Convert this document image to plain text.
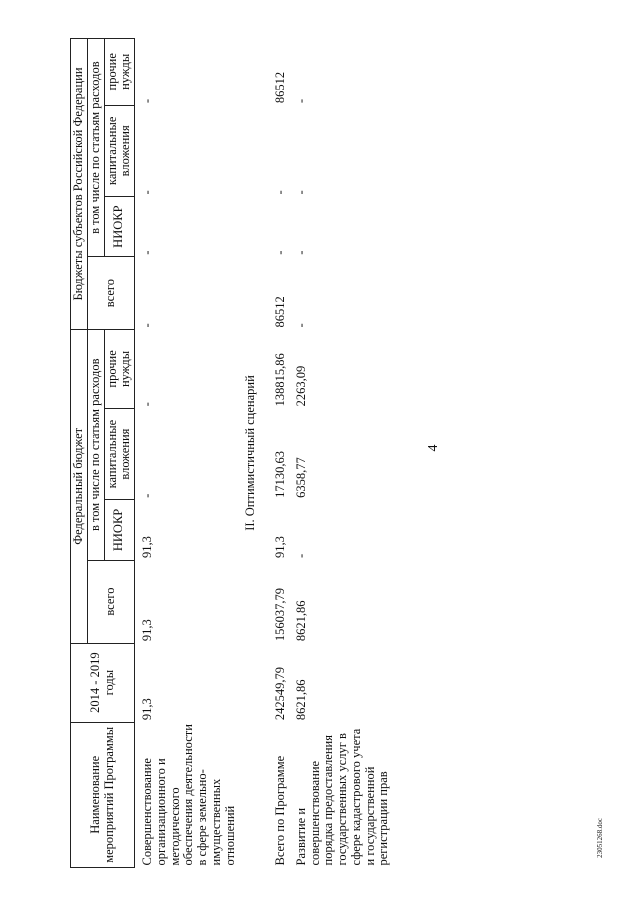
4
Наименование мероприятий Программы	2014 - 2019 годы	Федеральный бюджет				Бюджеты субъектов Российской Федерации			
		всего	в том числе по статьям расходов			всего	в том числе по статьям расходов		
			НИОКР	капитальные вложения	прочие нужды		НИОКР	капитальные вложения	прочие нужды
Совершенствование организационного и методического обеспечения деятельности в сфере земельно-имущественных отношений	91,3	91,3	91,3	-	-	-	-	-	-
II. Оптимистичный сценарий									
Всего по Программе	242549,79	156037,79	91,3	17130,63	138815,86	86512	-	-	86512
Развитие и совершенствование порядка предоставления государственных услуг в сфере кадастрового учета и государственной регистрации прав	8621,86	8621,86	-	6358,77	2263,09	-	-	-	-
23051268.doc
